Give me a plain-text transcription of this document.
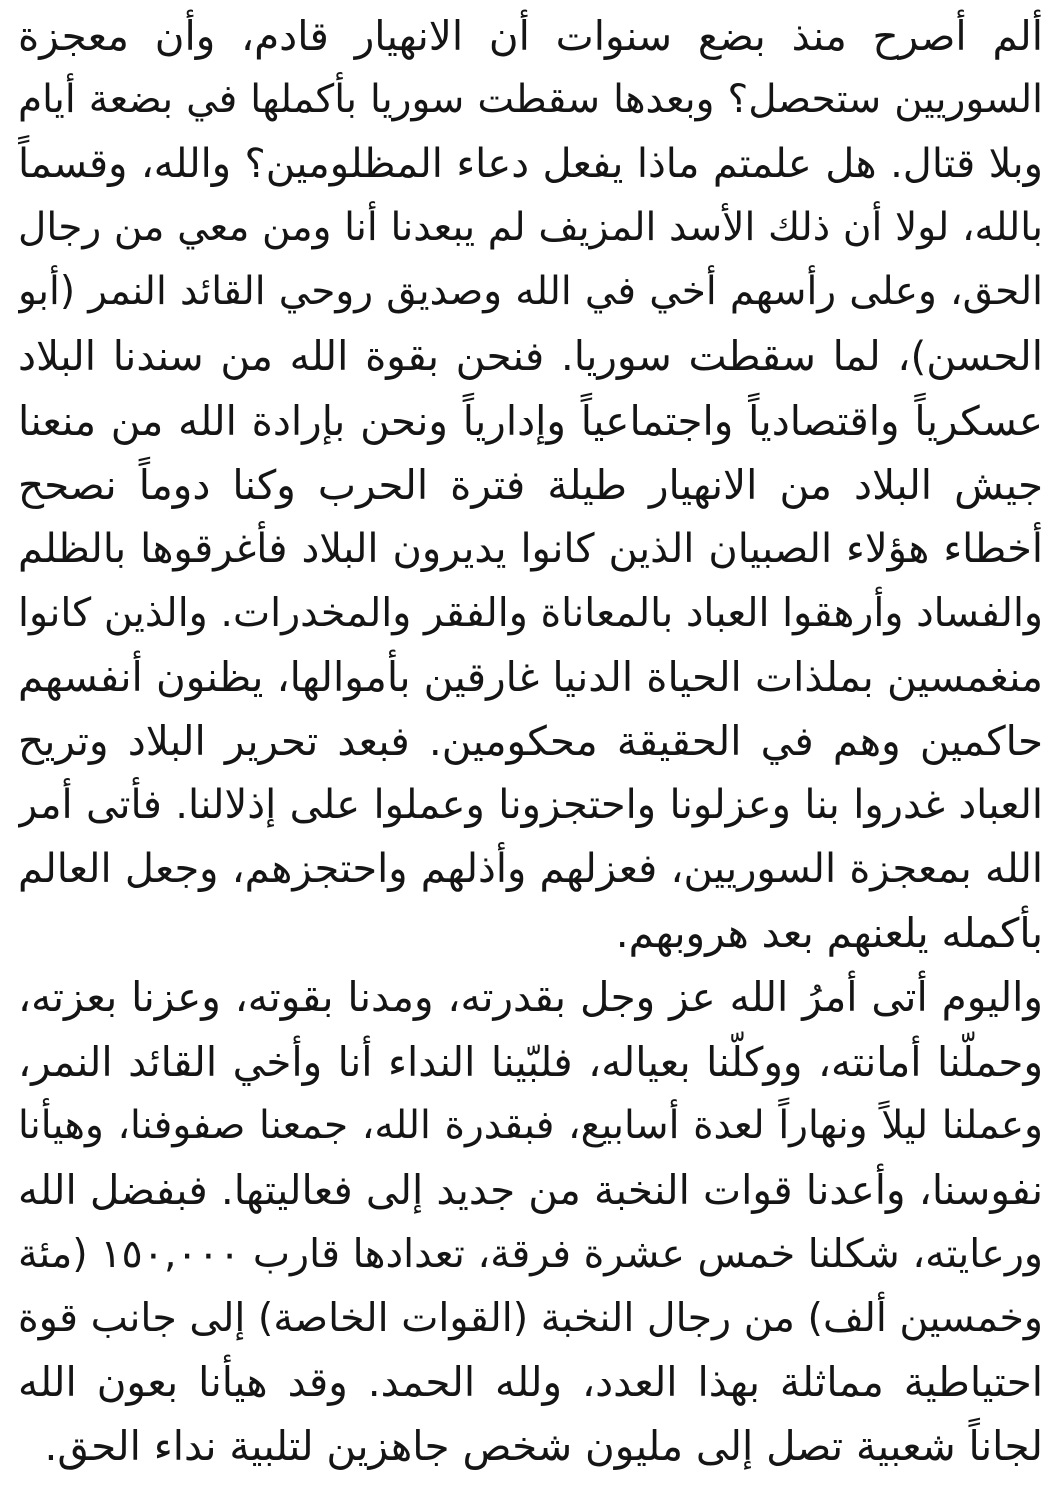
ألم أصرح منذ بضع سنوات أن الانهيار قادم، وأن معجزة
السوريين ستحصل؟ وبعدها سقطت سوريا بأكملها في بضعة أيام
وبلا قتال. هل علمتم ماذا يفعل دعاء المظلومين؟ والله، وقسماً
بالله، لولا أن ذلك الأسد المزيف لم يبعدنا أنا ومن معي من رجال
الحق، وعلى رأسهم أخي في الله وصديق روحي القائد النمر (أبو
الحسن)، لما سقطت سوريا. فنحن بقوة الله من سندنا البلاد
عسكرياً واقتصادياً واجتماعياً وإدارياً ونحن بإرادة الله من منعنا
جيش البلاد من الانهيار طيلة فترة الحرب وكنا دوماً نصحح
أخطاء هؤلاء الصبيان الذين كانوا يديرون البلاد فأغرقوها بالظلم
والفساد وأرهقوا العباد بالمعاناة والفقر والمخدرات. والذين كانوا
منغمسين بملذات الحياة الدنيا غارقين بأموالها، يظنون أنفسهم
حاكمين وهم في الحقيقة محكومين. فبعد تحرير البلاد وتريح
العباد غدروا بنا وعزلونا واحتجزونا وعملوا على إذلالنا. فأتى أمر
الله بمعجزة السوريين، فعزلهم وأذلهم واحتجزهم، وجعل العالم
بأكمله يلعنهم بعد هروبهم.
واليوم أتى أمرُ الله عز وجل بقدرته، ومدنا بقوته، وعزنا بعزته،
وحملّنا أمانته، ووكلّنا بعياله، فلبّينا النداء أنا وأخي القائد النمر،
وعملنا ليلاً ونهاراً لعدة أسابيع، فبقدرة الله، جمعنا صفوفنا، وهيأنا
نفوسنا، وأعدنا قوات النخبة من جديد إلى فعاليتها. فبفضل الله
ورعايته، شكلنا خمس عشرة فرقة، تعدادها قارب ١٥٠,٠٠٠ (مئة
وخمسين ألف) من رجال النخبة (القوات الخاصة) إلى جانب قوة
احتياطية مماثلة بهذا العدد، ولله الحمد. وقد هيأنا بعون الله
لجاناً شعبية تصل إلى مليون شخص جاهزين لتلبية نداء الحق.
